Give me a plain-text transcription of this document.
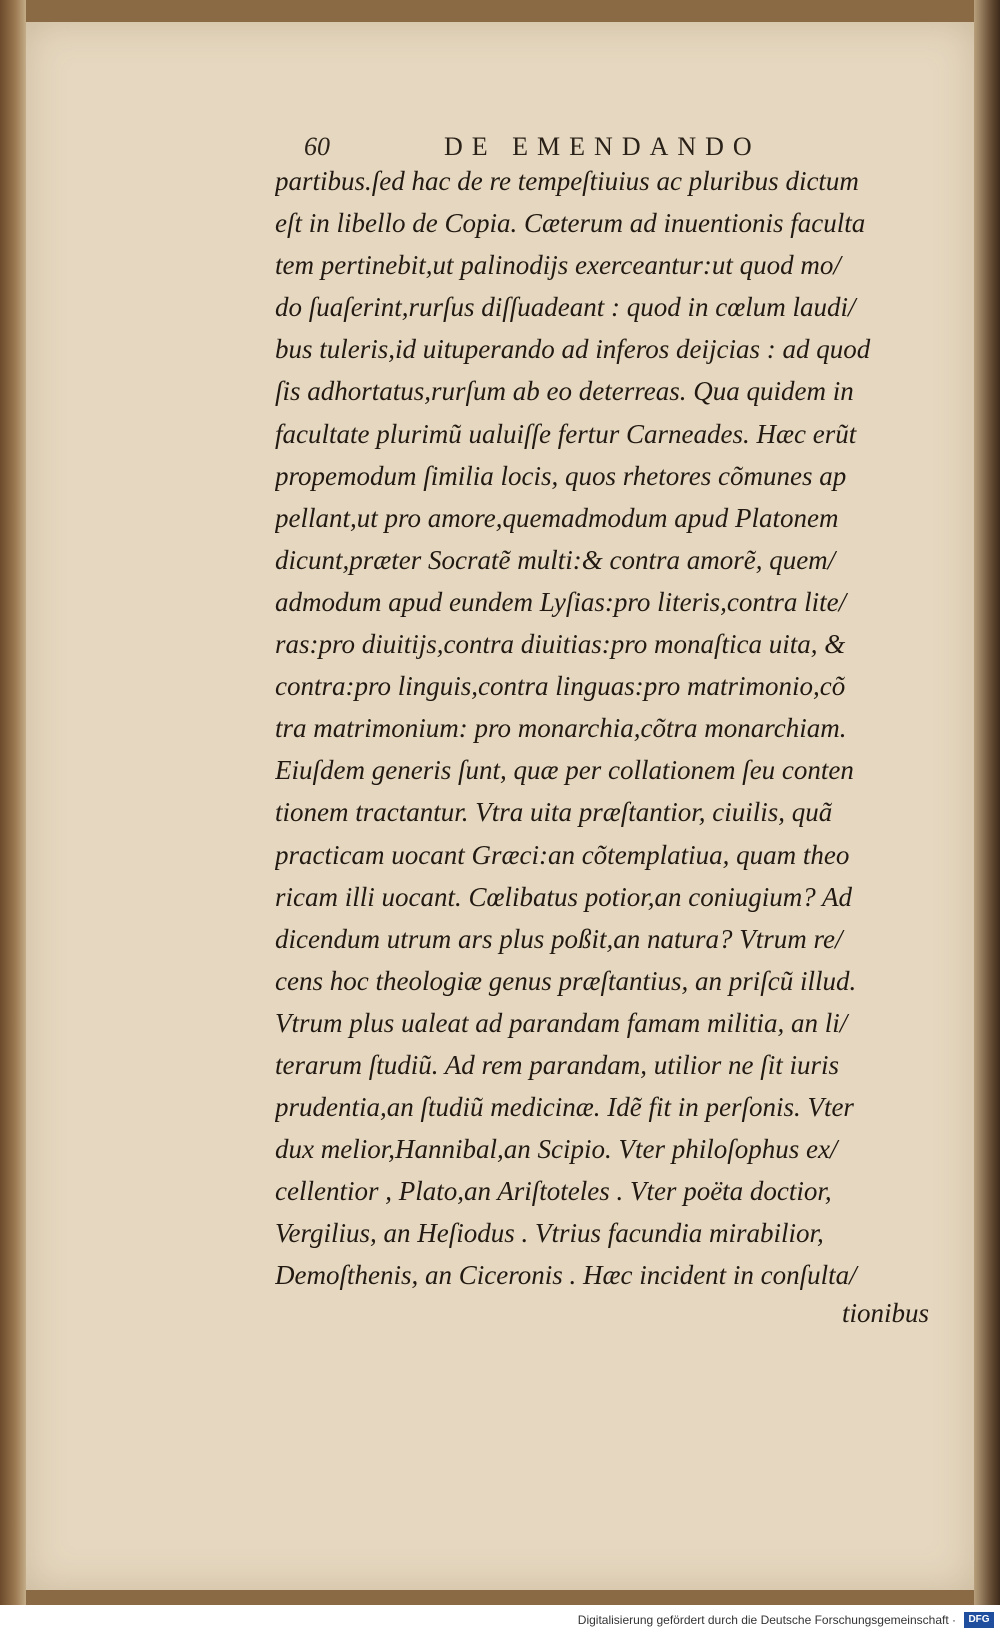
60	DE EMENDANDO
partibus.ſed hac de re tempeſtiuius ac pluribus dictum
eſt in libello de Copia. Cæterum ad inuentionis faculta
tem pertinebit,ut palinodijs exerceantur:ut quod mo/
do ſuaſerint,rurſus diſſuadeant : quod in cœlum laudi/
bus tuleris,id uituperando ad inferos deijcias : ad quod
ſis adhortatus,rurſum ab eo deterreas. Qua quidem in
facultate plurimũ ualuiſſe fertur Carneades. Hæc erũt
propemodum ſimilia locis, quos rhetores cõmunes ap
pellant,ut pro amore,quemadmodum apud Platonem
dicunt,præter Socratẽ multi:& contra amorẽ, quem/
admodum apud eundem Lyſias:pro literis,contra lite/
ras:pro diuitijs,contra diuitias:pro monaſtica uita, &
contra:pro linguis,contra linguas:pro matrimonio,cõ
tra matrimonium: pro monarchia,cõtra monarchiam.
Eiuſdem generis ſunt, quæ per collationem ſeu conten
tionem tractantur. Vtra uita præſtantior, ciuilis, quã
practicam uocant Græci:an cõtemplatiua, quam theo
ricam illi uocant. Cœlibatus potior,an coniugium? Ad
dicendum utrum ars plus poßit,an natura? Vtrum re/
cens hoc theologiæ genus præſtantius, an priſcũ illud.
Vtrum plus ualeat ad parandam famam militia, an li/
terarum ſtudiũ. Ad rem parandam, utilior ne ſit iuris
prudentia,an ſtudiũ medicinæ. Idẽ fit in perſonis. Vter
dux melior,Hannibal,an Scipio. Vter philoſophus ex/
cellentior , Plato,an Ariſtoteles . Vter poëta doctior,
Vergilius, an Heſiodus . Vtrius facundia mirabilior,
Demoſthenis, an Ciceronis . Hæc incident in conſulta/
tionibus
Digitalisierung gefördert durch die Deutsche Forschungsgemeinschaft ·	DFG
